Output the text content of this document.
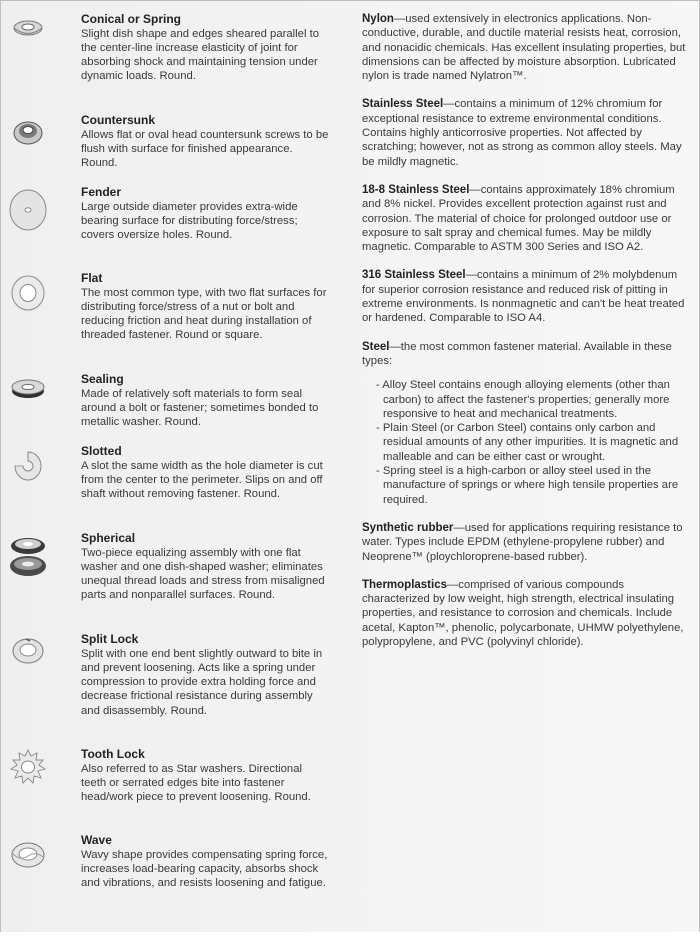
Conical or Spring
Slight dish shape and edges sheared parallel to the center-line increase elasticity of joint for absorbing shock and maintaining tension under dynamic loads. Round.
Countersunk
Allows flat or oval head countersunk screws to be flush with surface for finished appearance. Round.
Fender
Large outside diameter provides extra-wide bearing surface for distributing force/stress; covers oversize holes. Round.
Flat
The most common type, with two flat surfaces for distributing force/stress of a nut or bolt and reducing friction and heat during installation of threaded fastener. Round or square.
Sealing
Made of relatively soft materials to form seal around a bolt or fastener; sometimes bonded to metallic washer. Round.
Slotted
A slot the same width as the hole diameter is cut from the center to the perimeter. Slips on and off shaft without removing fastener. Round.
Spherical
Two-piece equalizing assembly with one flat washer and one dish-shaped washer; eliminates unequal thread loads and stress from misaligned parts and nonparallel surfaces. Round.
Split Lock
Split with one end bent slightly outward to bite in and prevent loosening. Acts like a spring under compression to provide extra holding force and decrease frictional resistance during assembly and disassembly. Round.
Tooth Lock
Also referred to as Star washers. Directional teeth or serrated edges bite into fastener head/work piece to prevent loosening. Round.
Wave
Wavy shape provides compensating spring force, increases load-bearing capacity, absorbs shock and vibrations, and resists loosening and fatigue.
Nylon—used extensively in electronics applications. Non-conductive, durable, and ductile material resists heat, corrosion, and nonacidic chemicals. Has excellent insulating properties, but dimensions can be affected by moisture absorption. Lubricated nylon is trade named Nylatron™.
Stainless Steel—contains a minimum of 12% chromium for exceptional resistance to extreme environmental conditions. Contains highly anticorrosive properties. Not affected by scratching; however, not as strong as common alloy steels. May be mildly magnetic.
18-8 Stainless Steel—contains approximately 18% chromium and 8% nickel. Provides excellent protection against rust and corrosion. The material of choice for prolonged outdoor use or exposure to salt spray and chemical fumes. May be mildly magnetic. Comparable to ASTM 300 Series and ISO A2.
316 Stainless Steel—contains a minimum of 2% molybdenum for superior corrosion resistance and reduced risk of pitting in extreme environments. Is nonmagnetic and can't be heat treated or hardened. Comparable to ISO A4.
Steel—the most common fastener material. Available in these types:
- Alloy Steel contains enough alloying elements (other than carbon) to affect the fastener's properties; generally more responsive to heat and mechanical treatments.
- Plain Steel (or Carbon Steel) contains only carbon and residual amounts of any other impurities. It is magnetic and malleable and can be either cast or wrought.
- Spring steel is a high-carbon or alloy steel used in the manufacture of springs or where high tensile properties are required.
Synthetic rubber—used for applications requiring resistance to water. Types include EPDM (ethylene-propylene rubber) and Neoprene™ (ploychloroprene-based rubber).
Thermoplastics—comprised of various compounds characterized by low weight, high strength, electrical insulating properties, and resistance to corrosion and chemicals. Include acetal, Kapton™, phenolic, polycarbonate, UHMW polyethylene, polypropylene, and PVC (polyvinyl chloride).
